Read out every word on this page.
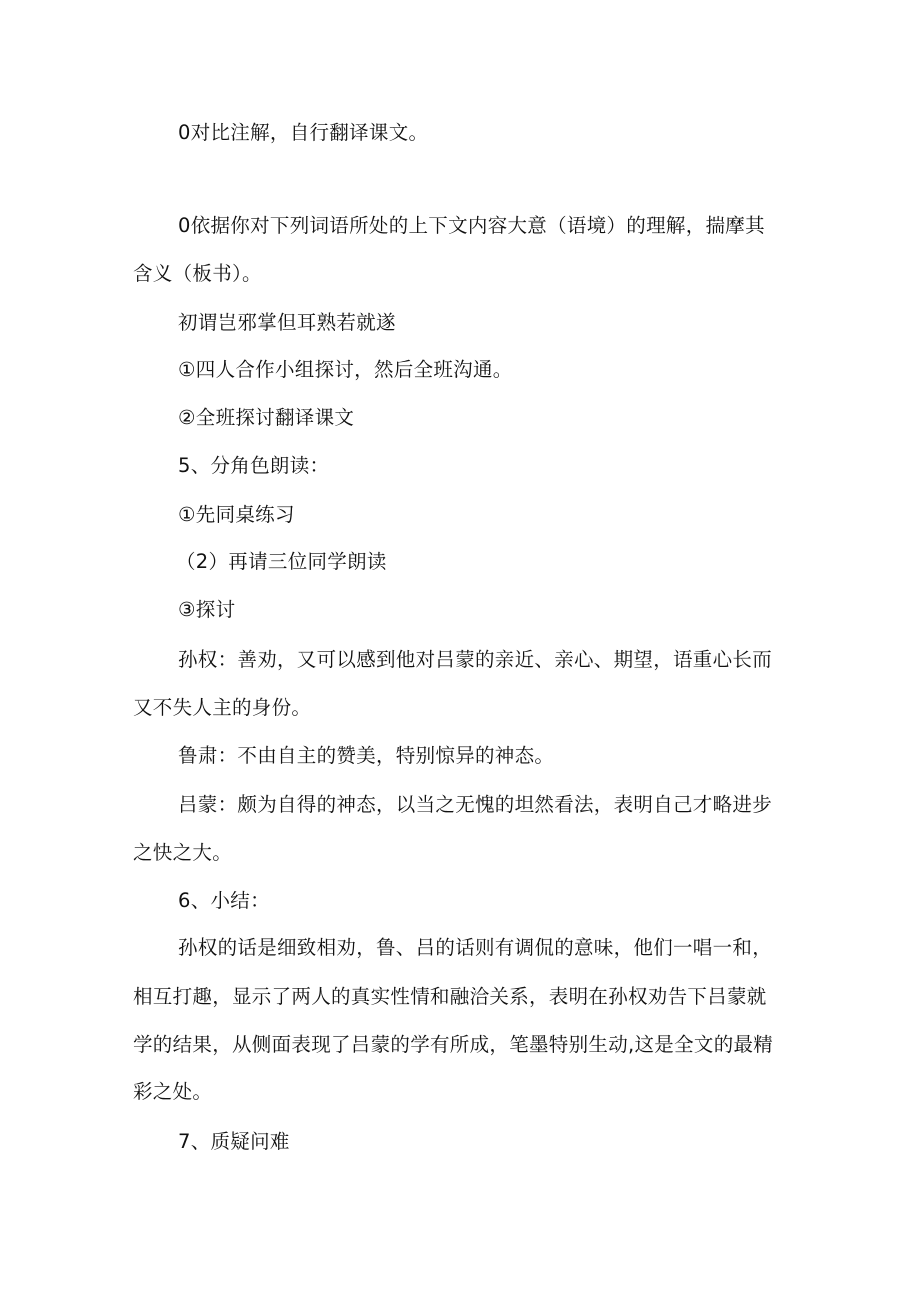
0对比注解，自行翻译课文。
0依据你对下列词语所处的上下文内容大意（语境）的理解，揣摩其
含义（板书）。
初谓岂邪掌但耳熟若就遂
①四人合作小组探讨，然后全班沟通。
②全班探讨翻译课文
5、分角色朗读：
①先同桌练习
（2）再请三位同学朗读
③探讨
孙权：善劝，又可以感到他对吕蒙的亲近、亲心、期望，语重心长而
又不失人主的身份。
鲁肃：不由自主的赞美，特别惊异的神态。
吕蒙：颇为自得的神态，以当之无愧的坦然看法，表明自己才略进步
之快之大。
6、小结：
孙权的话是细致相劝，鲁、吕的话则有调侃的意味，他们一唱一和，
相互打趣，显示了两人的真实性情和融洽关系，表明在孙权劝告下吕蒙就
学的结果，从侧面表现了吕蒙的学有所成，笔墨特别生动,这是全文的最精
彩之处。
7、质疑问难
